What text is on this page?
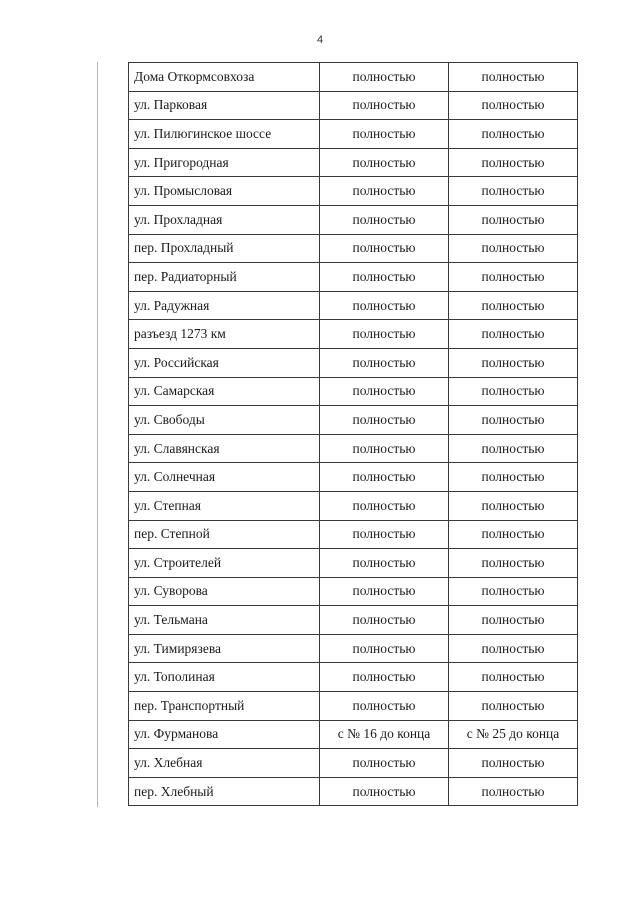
4
Дома Откормсовхоза	полностью	полностью
ул. Парковая	полностью	полностью
ул. Пилюгинское шоссе	полностью	полностью
ул. Пригородная	полностью	полностью
ул. Промысловая	полностью	полностью
ул. Прохладная	полностью	полностью
пер. Прохладный	полностью	полностью
пер. Радиаторный	полностью	полностью
ул. Радужная	полностью	полностью
разъезд 1273 км	полностью	полностью
ул. Российская	полностью	полностью
ул. Самарская	полностью	полностью
ул. Свободы	полностью	полностью
ул. Славянская	полностью	полностью
ул. Солнечная	полностью	полностью
ул. Степная	полностью	полностью
пер. Степной	полностью	полностью
ул. Строителей	полностью	полностью
ул. Суворова	полностью	полностью
ул. Тельмана	полностью	полностью
ул. Тимирязева	полностью	полностью
ул. Тополиная	полностью	полностью
пер. Транспортный	полностью	полностью
ул. Фурманова	с № 16 до конца	с № 25 до конца
ул. Хлебная	полностью	полностью
пер. Хлебный	полностью	полностью
